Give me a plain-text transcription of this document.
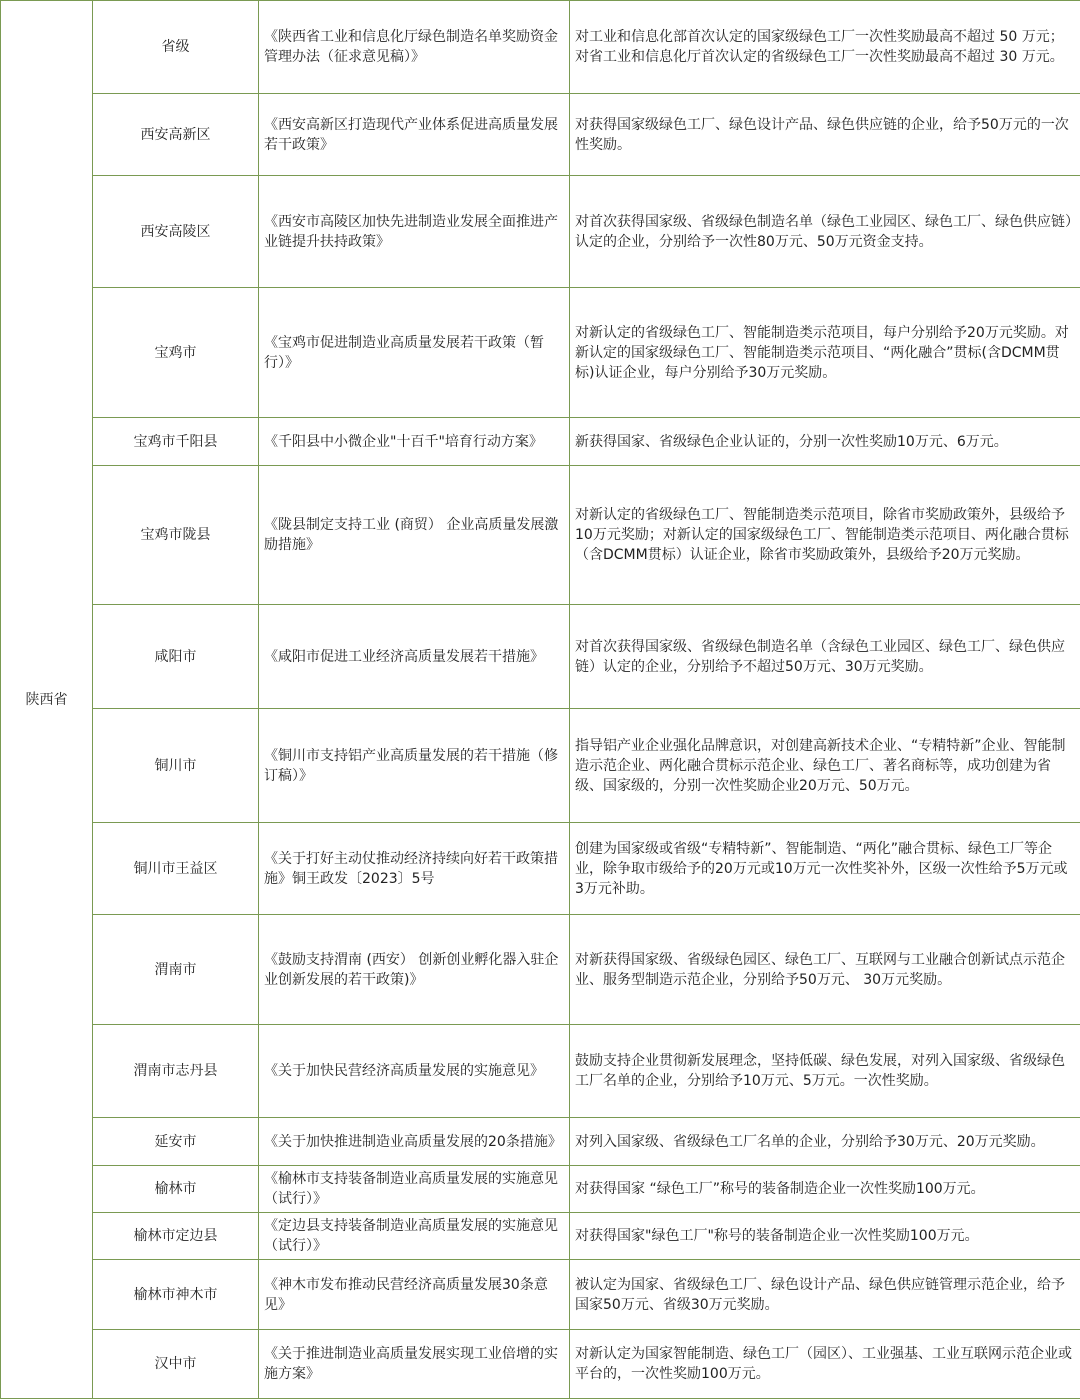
陕西省	省级	《陕西省工业和信息化厅绿色制造名单奖励资金管理办法（征求意见稿）》	对工业和信息化部首次认定的国家级绿色工厂一次性奖励最高不超过 50 万元；对省工业和信息化厅首次认定的省级绿色工厂一次性奖励最高不超过 30 万元。
	西安高新区	《西安高新区打造现代产业体系促进高质量发展若干政策》	对获得国家级绿色工厂、绿色设计产品、绿色供应链的企业，给予50万元的一次性奖励。
	西安高陵区	《西安市高陵区加快先进制造业发展全面推进产业链提升扶持政策》	对首次获得国家级、省级绿色制造名单（绿色工业园区、绿色工厂、绿色供应链）认定的企业，分别给予一次性80万元、50万元资金支持。
	宝鸡市	《宝鸡市促进制造业高质量发展若干政策（暂行）》	对新认定的省级绿色工厂、智能制造类示范项目，每户分别给予20万元奖励。对新认定的国家级绿色工厂、智能制造类示范项目、“两化融合”贯标(含DCMM贯标)认证企业，每户分别给予30万元奖励。
	宝鸡市千阳县	《千阳县中小微企业"十百千"培育行动方案》	新获得国家、省级绿色企业认证的，分别一次性奖励10万元、6万元。
	宝鸡市陇县	《陇县制定支持工业 (商贸） 企业高质量发展激励措施》	对新认定的省级绿色工厂、智能制造类示范项目，除省市奖励政策外，县级给予10万元奖励；对新认定的国家级绿色工厂、智能制造类示范项目、两化融合贯标（含DCMM贯标）认证企业，除省市奖励政策外，县级给予20万元奖励。
	咸阳市	《咸阳市促进工业经济高质量发展若干措施》	对首次获得国家级、省级绿色制造名单（含绿色工业园区、绿色工厂、绿色供应链）认定的企业，分别给予不超过50万元、30万元奖励。
	铜川市	《铜川市支持铝产业高质量发展的若干措施（修订稿）》	指导铝产业企业强化品牌意识，对创建高新技术企业、“专精特新”企业、智能制造示范企业、两化融合贯标示范企业、绿色工厂、著名商标等，成功创建为省级、国家级的，分别一次性奖励企业20万元、50万元。
	铜川市王益区	《关于打好主动仗推动经济持续向好若干政策措施》铜王政发〔2023〕5号	创建为国家级或省级“专精特新”、智能制造、“两化”融合贯标、绿色工厂等企业，除争取市级给予的20万元或10万元一次性奖补外，区级一次性给予5万元或3万元补助。
	渭南市	《鼓励支持渭南 (西安） 创新创业孵化器入驻企业创新发展的若干政策)》	对新获得国家级、省级绿色园区、绿色工厂、互联网与工业融合创新试点示范企业、服务型制造示范企业，分别给予50万元、 30万元奖励。
	渭南市志丹县	《关于加快民营经济高质量发展的实施意见》	鼓励支持企业贯彻新发展理念，坚持低碳、绿色发展，对列入国家级、省级绿色工厂名单的企业，分别给予10万元、5万元。一次性奖励。
	延安市	《关于加快推进制造业高质量发展的20条措施》	对列入国家级、省级绿色工厂名单的企业，分别给予30万元、20万元奖励。
	榆林市	《榆林市支持装备制造业高质量发展的实施意见（试行）》	对获得国家 “绿色工厂”称号的装备制造企业一次性奖励100万元。
	榆林市定边县	《定边县支持装备制造业高质量发展的实施意见（试行）》	对获得国家"绿色工厂"称号的装备制造企业一次性奖励100万元。
	榆林市神木市	《神木市发布推动民营经济高质量发展30条意见》	被认定为国家、省级绿色工厂、绿色设计产品、绿色供应链管理示范企业，给予国家50万元、省级30万元奖励。
	汉中市	《关于推进制造业高质量发展实现工业倍增的实施方案》	对新认定为国家智能制造、绿色工厂（园区）、工业强基、工业互联网示范企业或平台的，一次性奖励100万元。
